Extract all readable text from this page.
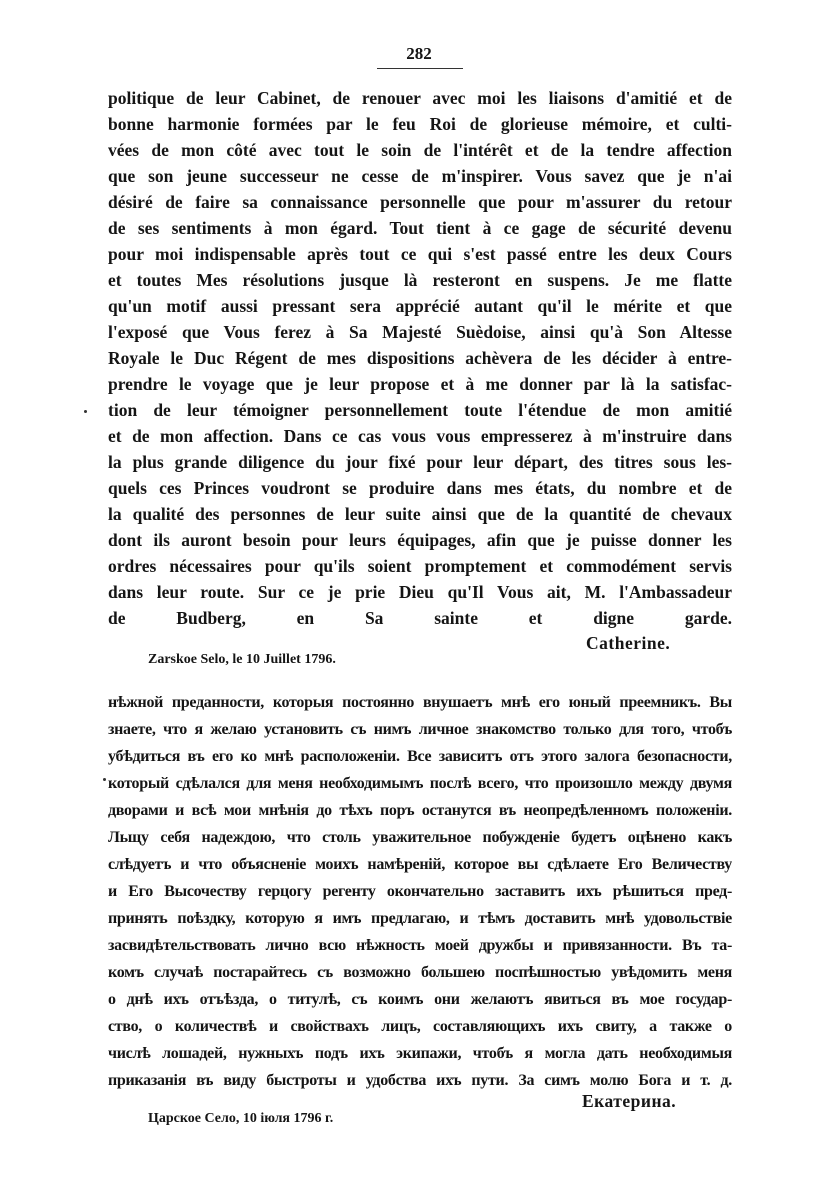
282
politique de leur Cabinet, de renouer avec moi les liaisons d'amitié et de
bonne harmonie formées par le feu Roi de glorieuse mémoire, et culti-
vées de mon côté avec tout le soin de l'intérêt et de la tendre affection
que son jeune successeur ne cesse de m'inspirer. Vous savez que je n'ai
désiré de faire sa connaissance personnelle que pour m'assurer du retour
de ses sentiments à mon égard. Tout tient à ce gage de sécurité devenu
pour moi indispensable après tout ce qui s'est passé entre les deux Cours
et toutes Mes résolutions jusque là resteront en suspens. Je me flatte
qu'un motif aussi pressant sera apprécié autant qu'il le mérite et que
l'exposé que Vous ferez à Sa Majesté Suèdoise, ainsi qu'à Son Altesse
Royale le Duc Régent de mes dispositions achèvera de les décider à entre-
prendre le voyage que je leur propose et à me donner par là la satisfac-
tion de leur témoigner personnellement toute l'étendue de mon amitié
et de mon affection. Dans ce cas vous vous empresserez à m'instruire dans
la plus grande diligence du jour fixé pour leur départ, des titres sous les-
quels ces Princes voudront se produire dans mes états, du nombre et de
la qualité des personnes de leur suite ainsi que de la quantité de chevaux
dont ils auront besoin pour leurs équipages, afin que je puisse donner les
ordres nécessaires pour qu'ils soient promptement et commodément servis
dans leur route. Sur ce je prie Dieu qu'Il Vous ait, M. l'Ambassadeur
de Budberg, en Sa sainte et digne garde.
Catherine.
Zarskoe Selo, le 10 Juillet 1796.
нѣжной преданности, которыя постоянно внушаетъ мнѣ его юный преемникъ. Вы
знаете, что я желаю установить съ нимъ личное знакомство только для того, чтобъ
убѣдиться въ его ко мнѣ расположеніи. Все зависитъ отъ этого залога безопасности,
который сдѣлался для меня необходимымъ послѣ всего, что произошло между двумя
дворами и всѣ мои мнѣнія до тѣхъ поръ останутся въ неопредѣленномъ положеніи.
Льщу себя надеждою, что столь уважительное побужденіе будетъ оцѣнено какъ
слѣдуетъ и что объясненіе моихъ намѣреній, которое вы сдѣлаете Его Величеству
и Его Высочеству герцогу регенту окончательно заставитъ ихъ рѣшиться пред-
принять поѣздку, которую я имъ предлагаю, и тѣмъ доставить мнѣ удовольствіе
засвидѣтельствовать лично всю нѣжность моей дружбы и привязанности. Въ та-
комъ случаѣ постарайтесь съ возможно большею поспѣшностью увѣдомить меня
о днѣ ихъ отъѣзда, о титулѣ, съ коимъ они желаютъ явиться въ мое государ-
ство, о количествѣ и свойствахъ лицъ, составляющихъ ихъ свиту, а также о
числѣ лошадей, нужныхъ подъ ихъ экипажи, чтобъ я могла дать необходимыя
приказанія въ виду быстроты и удобства ихъ пути. За симъ молю Бога и т. д.
Екатерина.
Царское Село, 10 іюля 1796 г.
